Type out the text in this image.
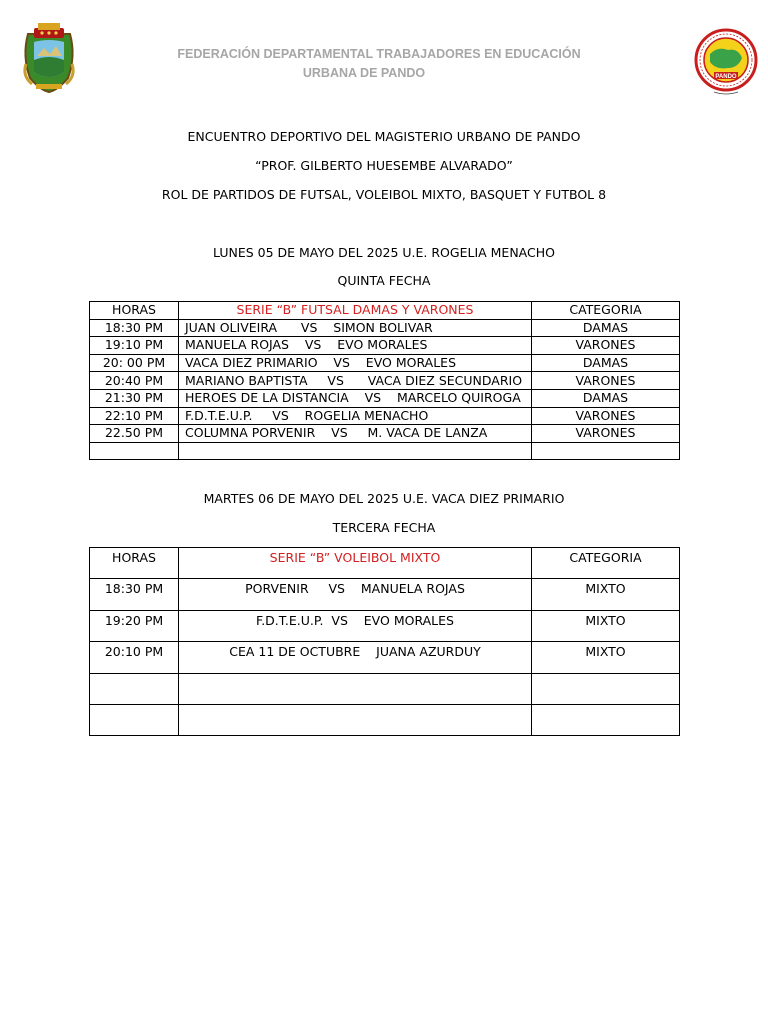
FEDERACIÓN DEPARTAMENTAL TRABAJADORES EN EDUCACIÓN
URBANA DE PANDO	PANDO
ENCUENTRO DEPORTIVO DEL MAGISTERIO URBANO DE PANDO
“PROF. GILBERTO HUESEMBE ALVARADO”
ROL DE PARTIDOS DE FUTSAL, VOLEIBOL MIXTO, BASQUET Y FUTBOL 8
LUNES 05 DE MAYO DEL 2025 U.E. ROGELIA MENACHO
QUINTA FECHA
HORAS	SERIE “B” FUTSAL DAMAS Y VARONES	CATEGORIA
18:30 PM	JUAN OLIVEIRA      VS    SIMON BOLIVAR	DAMAS
19:10 PM	MANUELA ROJAS    VS    EVO MORALES	VARONES
20: 00 PM	VACA DIEZ PRIMARIO    VS    EVO MORALES	DAMAS
20:40 PM	MARIANO BAPTISTA     VS      VACA DIEZ SECUNDARIO	VARONES
21:30 PM	HEROES DE LA DISTANCIA    VS    MARCELO QUIROGA	DAMAS
22:10 PM	F.D.T.E.U.P.     VS    ROGELIA MENACHO	VARONES
22.50 PM	COLUMNA PORVENIR    VS     M. VACA DE LANZA	VARONES

MARTES 06 DE MAYO DEL 2025 U.E. VACA DIEZ PRIMARIO
TERCERA FECHA
HORAS	SERIE “B” VOLEIBOL MIXTO	CATEGORIA
18:30 PM	PORVENIR     VS    MANUELA ROJAS	MIXTO
19:20 PM	F.D.T.E.U.P.  VS    EVO MORALES	MIXTO
20:10 PM	CEA 11 DE OCTUBRE    JUANA AZURDUY	MIXTO
